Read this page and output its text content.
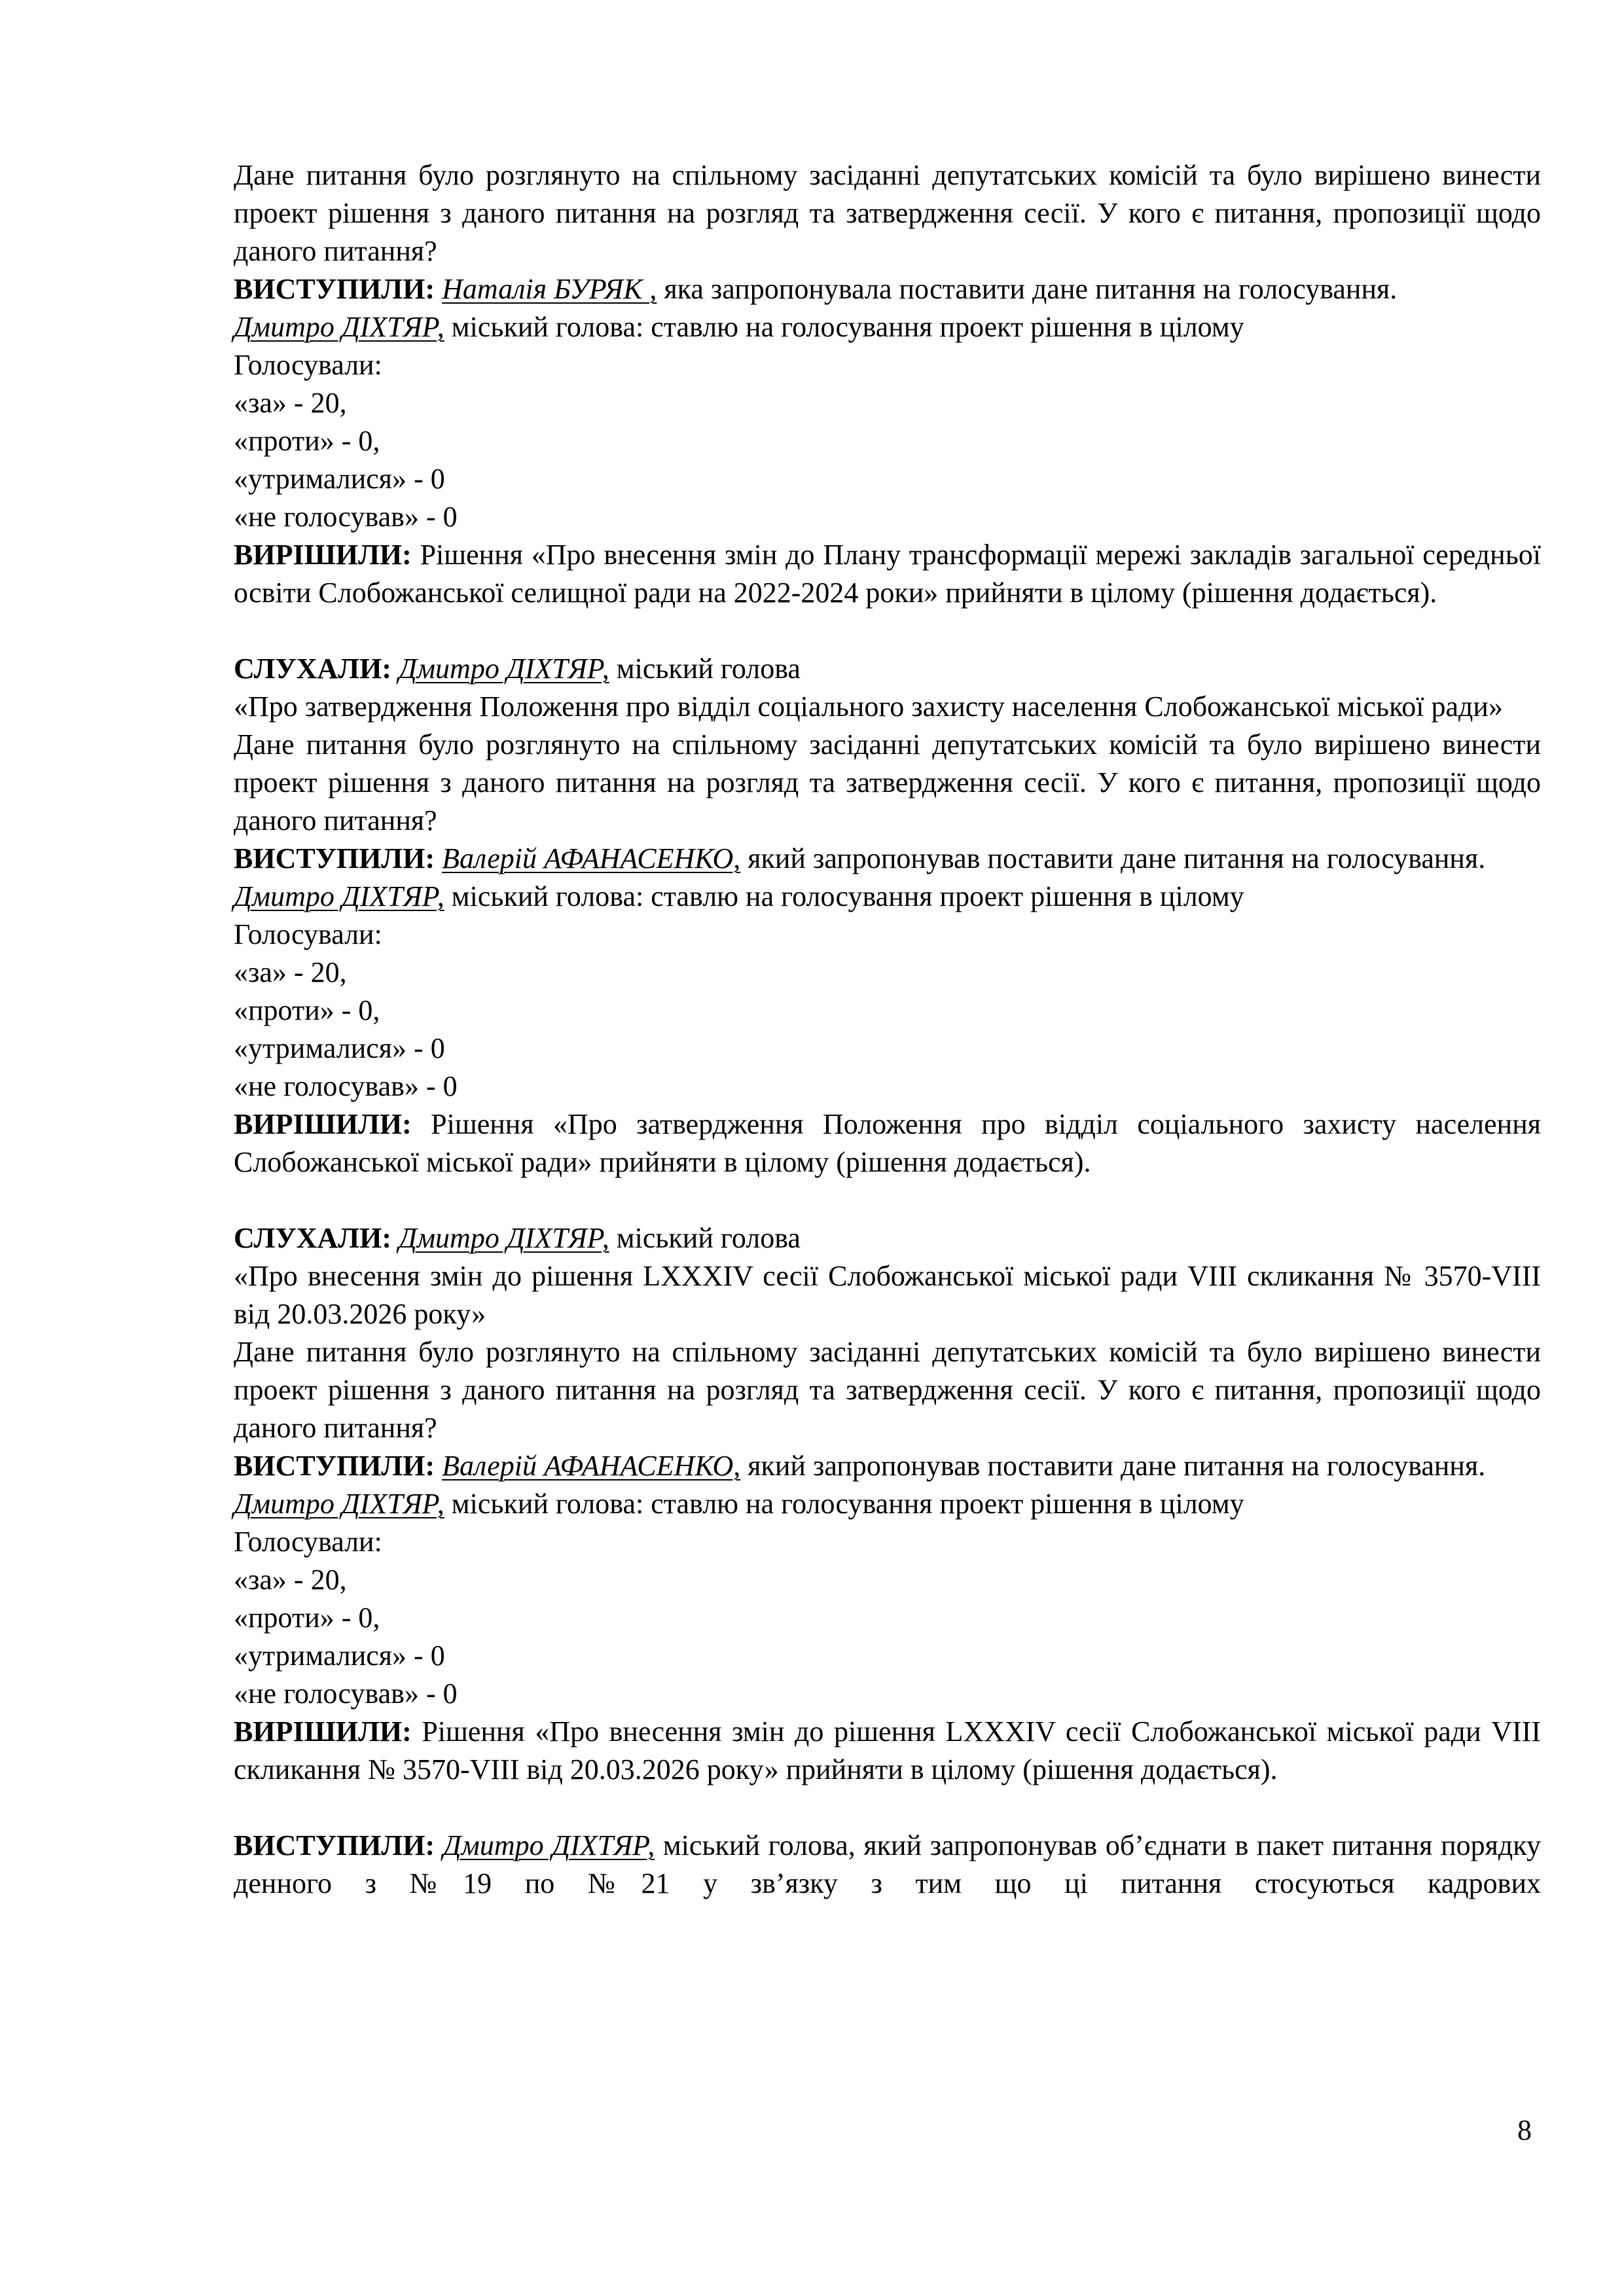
Дане питання було розглянуто на спільному засіданні депутатських комісій та було вирішено винести проект рішення з даного питання на розгляд та затвердження сесії. У кого є питання, пропозиції щодо даного питання?

ВИСТУПИЛИ: Наталія БУРЯК , яка запропонувала поставити дане питання на голосування.

Дмитро ДІХТЯР, міський голова: ставлю на голосування проект рішення в цілому

Голосували:

«за» - 20,

«проти» - 0,

«утрималися» - 0

«не голосував» - 0

ВИРІШИЛИ: Рішення «Про внесення змін до Плану трансформації мережі закладів загальної середньої освіти Слобожанської селищної ради на 2022-2024 роки» прийняти в цілому (рішення додається).

СЛУХАЛИ: Дмитро ДІХТЯР, міський голова

«Про затвердження Положення про відділ соціального захисту населення Слобожанської міської ради»

Дане питання було розглянуто на спільному засіданні депутатських комісій та було вирішено винести проект рішення з даного питання на розгляд та затвердження сесії. У кого є питання, пропозиції щодо даного питання?

ВИСТУПИЛИ: Валерій АФАНАСЕНКО, який запропонував поставити дане питання на голосування.

Дмитро ДІХТЯР, міський голова: ставлю на голосування проект рішення в цілому

Голосували:

«за» - 20,

«проти» - 0,

«утрималися» - 0

«не голосував» - 0

ВИРІШИЛИ: Рішення «Про затвердження Положення про відділ соціального захисту населення Слобожанської міської ради» прийняти в цілому (рішення додається).

СЛУХАЛИ: Дмитро ДІХТЯР, міський голова

«Про внесення змін до рішення LXXXIV сесії Слобожанської міської ради VIII скликання № 3570-VIII від 20.03.2026 року»

Дане питання було розглянуто на спільному засіданні депутатських комісій та було вирішено винести проект рішення з даного питання на розгляд та затвердження сесії. У кого є питання, пропозиції щодо даного питання?

ВИСТУПИЛИ: Валерій АФАНАСЕНКО, який запропонував поставити дане питання на голосування.

Дмитро ДІХТЯР, міський голова: ставлю на голосування проект рішення в цілому

Голосували:

«за» - 20,

«проти» - 0,

«утрималися» - 0

«не голосував» - 0

ВИРІШИЛИ: Рішення «Про внесення змін до рішення LXXXIV сесії Слобожанської міської ради VIII скликання № 3570-VIII від 20.03.2026 року» прийняти в цілому (рішення додається).

ВИСТУПИЛИ: Дмитро ДІХТЯР, міський голова, який запропонував об’єднати в пакет питання порядку денного з №19 по №21 у зв’язку з тим що ці питання стосуються кадрових

8
